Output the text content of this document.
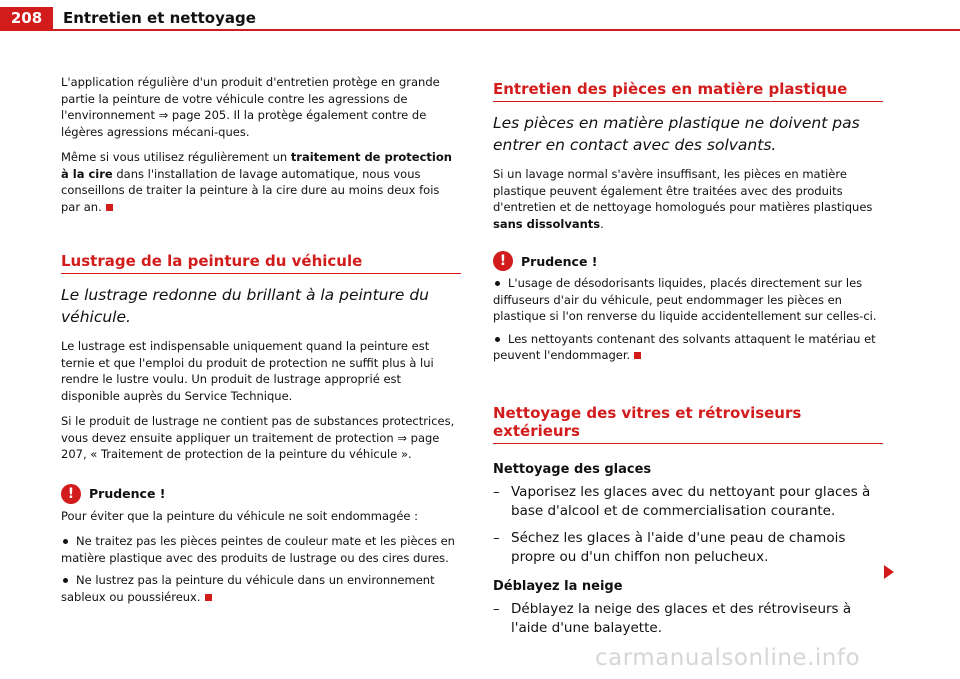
208	Entretien et nettoyage

L'application régulière d'un produit d'entretien protège en grande partie la peinture de votre véhicule contre les agressions de l'environnement ⇒ page 205. Il la protège également contre de légères agressions mécani-ques.

Même si vous utilisez régulièrement un traitement de protection à la cire dans l'installation de lavage automatique, nous vous conseillons de traiter la peinture à la cire dure au moins deux fois par an.

Lustrage de la peinture du véhicule
Le lustrage redonne du brillant à la peinture du véhicule.

Le lustrage est indispensable uniquement quand la peinture est ternie et que l'emploi du produit de protection ne suffit plus à lui rendre le lustre voulu. Un produit de lustrage approprié est disponible auprès du Service Technique.

Si le produit de lustrage ne contient pas de substances protectrices, vous devez ensuite appliquer un traitement de protection ⇒ page 207, « Traitement de protection de la peinture du véhicule ».

!	Prudence !

Pour éviter que la peinture du véhicule ne soit endommagée :

Ne traitez pas les pièces peintes de couleur mate et les pièces en matière plastique avec des produits de lustrage ou des cires dures.
Ne lustrez pas la peinture du véhicule dans un environnement sableux ou poussiéreux.
Entretien des pièces en matière plastique
Les pièces en matière plastique ne doivent pas entrer en contact avec des solvants.

Si un lavage normal s'avère insuffisant, les pièces en matière plastique peuvent également être traitées avec des produits d'entretien et de nettoyage homologués pour matières plastiques sans dissolvants.

!	Prudence !
L'usage de désodorisants liquides, placés directement sur les diffuseurs d'air du véhicule, peut endommager les pièces en plastique si l'on renverse du liquide accidentellement sur celles-ci.
Les nettoyants contenant des solvants attaquent le matériau et peuvent l'endommager.
Nettoyage des vitres et rétroviseurs extérieurs
Nettoyage des glaces
– Vaporisez les glaces avec du nettoyant pour glaces à base d'alcool et de commercialisation courante.
– Séchez les glaces à l'aide d'une peau de chamois propre ou d'un chiffon non pelucheux.
Déblayez la neige
– Déblayez la neige des glaces et des rétroviseurs à l'aide d'une balayette.
carmanualsonline.info
